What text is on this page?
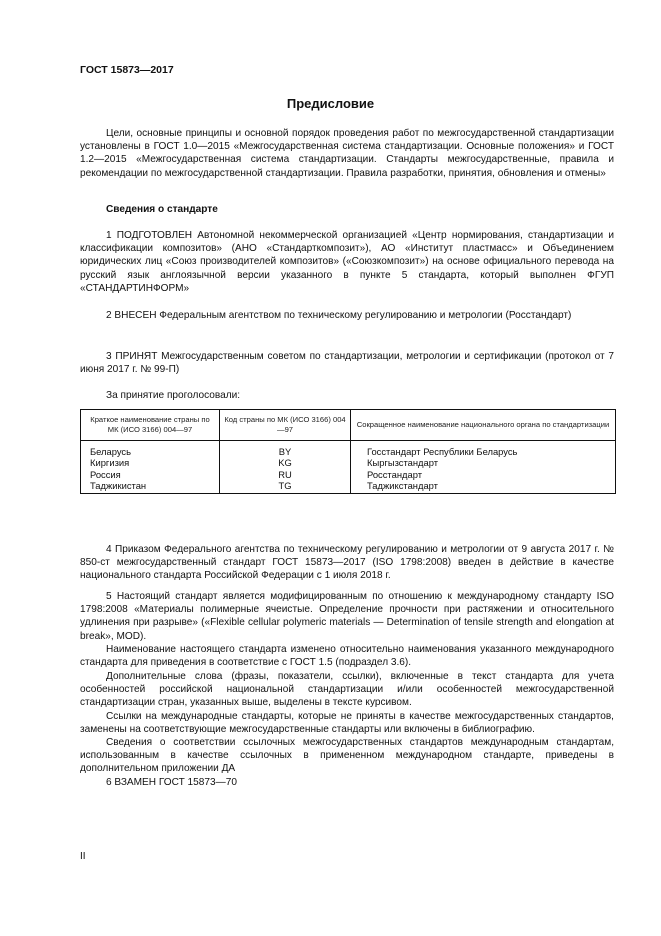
ГОСТ 15873—2017
Предисловие

Цели, основные принципы и основной порядок проведения работ по межгосударственной стандартизации установлены в ГОСТ 1.0—2015 «Межгосударственная система стандартизации. Основные положения» и ГОСТ 1.2—2015 «Межгосударственная система стандартизации. Стандарты межгосударственные, правила и рекомендации по межгосударственной стандартизации. Правила разработки, принятия, обновления и отмены»

Сведения о стандарте

1 ПОДГОТОВЛЕН Автономной некоммерческой организацией «Центр нормирования, стандартизации и классификации композитов» (АНО «Стандарткомпозит»), АО «Институт пластмасс» и Объединением юридических лиц «Союз производителей композитов» («Союзкомпозит») на основе официального перевода на русский язык англоязычной версии указанного в пункте 5 стандарта, который выполнен ФГУП «СТАНДАРТИНФОРМ»

2 ВНЕСЕН Федеральным агентством по техническому регулированию и метрологии (Росстандарт)

3 ПРИНЯТ Межгосударственным советом по стандартизации, метрологии и сертификации (протокол от 7 июня 2017 г. № 99-П)

За принятие проголосовали:
Краткое наименование страны по МК (ИСО 3166) 004—97	Код страны по МК (ИСО 3166) 004—97	Сокращенное наименование национального органа по стандартизации
Беларусь	BY	Госстандарт Республики Беларусь
Киргизия	KG	Кыргызстандарт
Россия	RU	Росстандарт
Таджикистан	TG	Таджикстандарт

4 Приказом Федерального агентства по техническому регулированию и метрологии от 9 августа 2017 г. № 850-ст межгосударственный стандарт ГОСТ 15873—2017 (ISO 1798:2008) введен в действие в качестве национального стандарта Российской Федерации с 1 июля 2018 г.

5 Настоящий стандарт является модифицированным по отношению к международному стандарту ISO 1798:2008 «Материалы полимерные ячеистые. Определение прочности при растяжении и относительного удлинения при разрыве» («Flexible cellular polymeric materials — Determination of tensile strength and elongation at break», MOD).

Наименование настоящего стандарта изменено относительно наименования указанного международного стандарта для приведения в соответствие с ГОСТ 1.5 (подраздел 3.6).

Дополнительные слова (фразы, показатели, ссылки), включенные в текст стандарта для учета особенностей российской национальной стандартизации и/или особенностей межгосударственной стандартизации стран, указанных выше, выделены в тексте курсивом.

Ссылки на международные стандарты, которые не приняты в качестве межгосударственных стандартов, заменены на соответствующие межгосударственные стандарты или включены в библиографию.

Сведения о соответствии ссылочных межгосударственных стандартов международным стандартам, использованным в качестве ссылочных в примененном международном стандарте, приведены в дополнительном приложении ДА

6 ВЗАМЕН ГОСТ 15873—70

II
